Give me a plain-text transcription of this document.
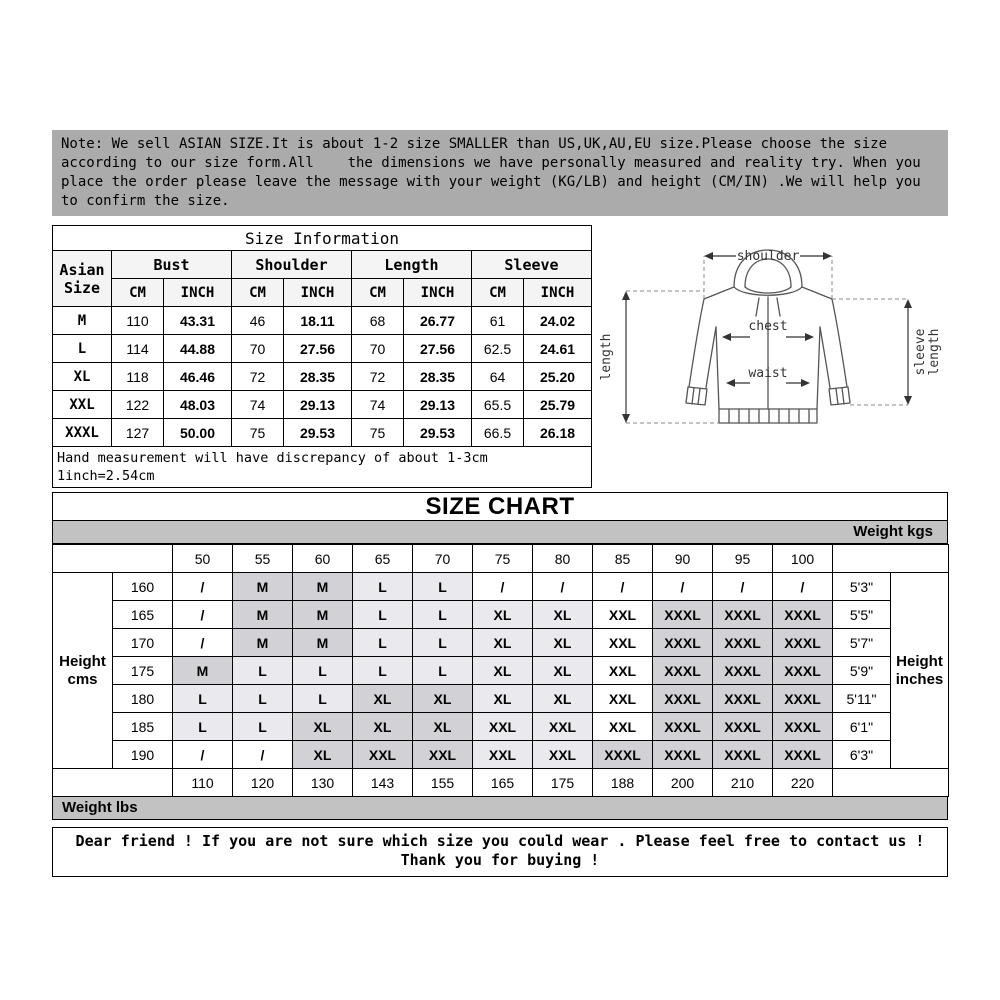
Note: We sell ASIAN SIZE.It is about 1-2 size SMALLER than US,UK,AU,EU size.Please choose the size according to our size form.All    the dimensions we have personally measured and reality try. When you place the order please leave the message with your weight (KG/LB) and height (CM/IN) .We will help you to confirm the size.
Size Information								
Asian Size	Bust		Shoulder		Length		Sleeve	
	CM	INCH	CM	INCH	CM	INCH	CM	INCH
M	110	43.31	46	18.11	68	26.77	61	24.02
L	114	44.88	70	27.56	70	27.56	62.5	24.61
XL	118	46.46	72	28.35	72	28.35	64	25.20
XXL	122	48.03	74	29.13	74	29.13	65.5	25.79
XXXL	127	50.00	75	29.53	75	29.53	66.5	26.18

Hand measurement will have discrepancy of about 1-3cm
1inch=2.54cm								
shoulder
chest
waist
length	sleeve length
SIZE CHART
Weight kgs
		50	55	60	65	70	75	80	85	90	95	100		
Height cms	160	/	M	M	L	L	/	/	/	/	/	/	5'3"	Height inches
	165	/	M	M	L	L	XL	XL	XXL	XXXL	XXXL	XXXL	5'5"	
	170	/	M	M	L	L	XL	XL	XXL	XXXL	XXXL	XXXL	5'7"	
	175	M	L	L	L	L	XL	XL	XXL	XXXL	XXXL	XXXL	5'9"	
	180	L	L	L	XL	XL	XL	XL	XXL	XXXL	XXXL	XXXL	5'11"	
	185	L	L	XL	XL	XL	XXL	XXL	XXL	XXXL	XXXL	XXXL	6'1"	
	190	/	/	XL	XXL	XXL	XXL	XXL	XXXL	XXXL	XXXL	XXXL	6'3"	
		110	120	130	143	155	165	175	188	200	210	220		
Weight lbs
Dear friend ! If you are not sure which size you could wear . Please feel free to contact us !
Thank you for buying !
